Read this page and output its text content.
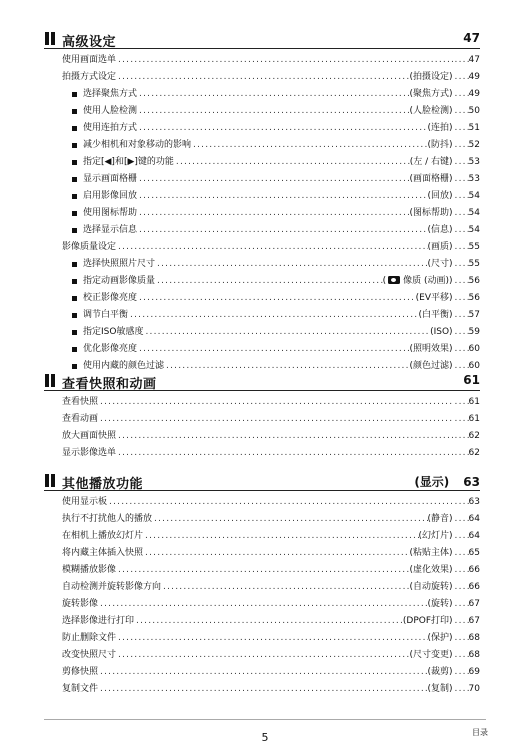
高级设定	47
使用画面选单 ..... .....	47
拍摄方式设定 .....	(拍摄设定) ..... 49
选择聚焦方式 .....	(聚焦方式) ..... 49
使用人脸检测 .....	(人脸检测) ..... 50
使用连拍方式 .....	(连拍) ..... 51
减少相机和对象移动的影响 .....	(防抖) ..... 52
指定[◀]和[▶]键的功能 .....	(左 / 右键) ..... 53
显示画面格栅 .....	(画面格栅) ..... 53
启用影像回放 .....	(回放) ..... 54
使用图标帮助 .....	(图标帮助) ..... 54
选择显示信息 .....	(信息) ..... 54
影像质量设定 .....	(画质) ..... 55
选择快照照片尺寸 .....	(尺寸) ..... 55
指定动画影像质量 .....	( 像质 (动画)) ..... 56
校正影像亮度 .....	(EV平移) ..... 56
调节白平衡 .....	(白平衡) ..... 57
指定ISO敏感度 .....	(ISO) ..... 59
优化影像亮度 .....	(照明效果) ..... 60
使用内藏的颜色过滤 .....	(颜色过滤) ..... 60
查看快照和动画	61
查看快照 ..... .....	61
查看动画 ..... .....	61
放大画面快照 ..... .....	62
显示影像选单 ..... .....	62
其他播放功能	(显示) 63
使用显示板 ..... .....	63
执行不打扰他人的播放 .....	(静音) ..... 64
在相机上播放幻灯片 .....	(幻灯片) ..... 64
将内藏主体插入快照 .....	(粘贴主体) ..... 65
模糊播放影像 .....	(虚化效果) ..... 66
自动检测并旋转影像方向 .....	(自动旋转) ..... 66
旋转影像 .....	(旋转) ..... 67
选择影像进行打印 .....	(DPOF打印) ..... 67
防止删除文件 .....	(保护) ..... 68
改变快照尺寸 .....	(尺寸变更) ..... 68
剪修快照 .....	(裁剪) ..... 69
复制文件 .....	(复制) ..... 70
5	目录
